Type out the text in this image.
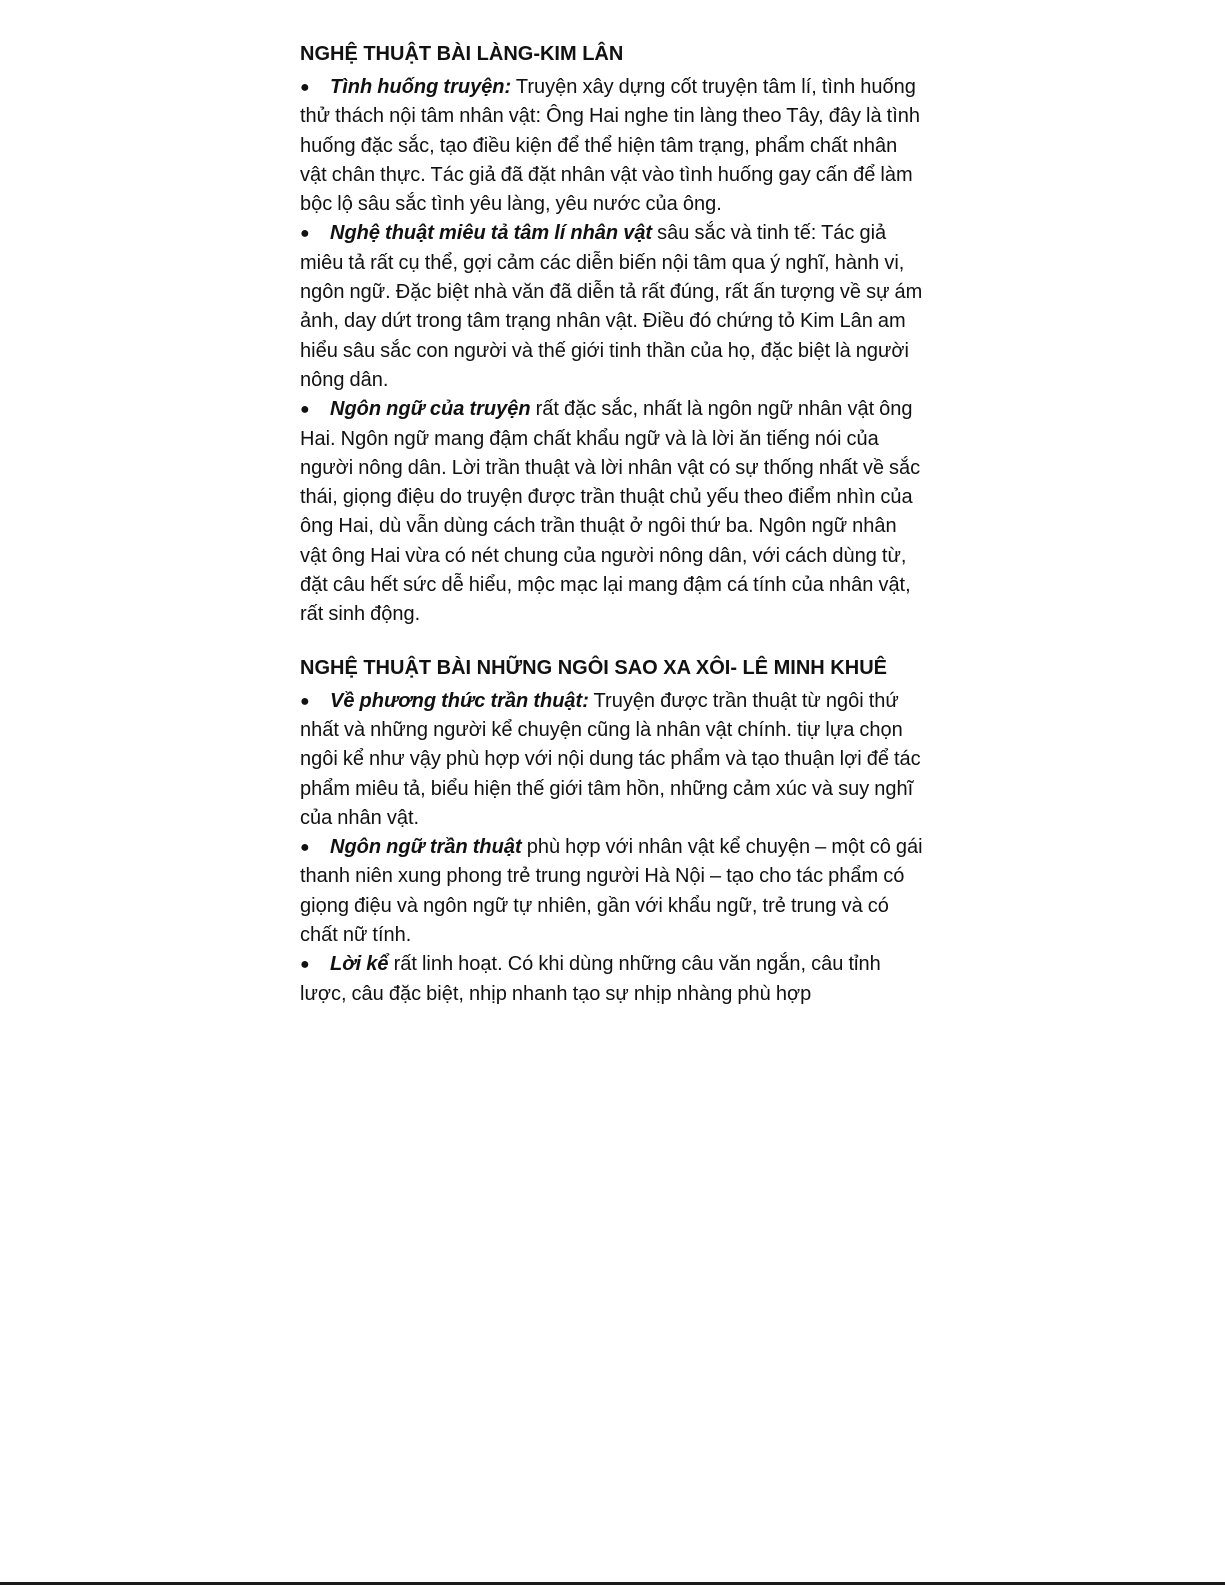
NGHỆ THUẬT BÀI LÀNG-KIM LÂN

● Tình huống truyện: Truyện xây dựng cốt truyện tâm lí, tình huống thử thách nội tâm nhân vật: Ông Hai nghe tin làng theo Tây, đây là tình huống đặc sắc, tạo điều kiện để thể hiện tâm trạng, phẩm chất nhân vật chân thực. Tác giả đã đặt nhân vật vào tình huống gay cấn để làm bộc lộ sâu sắc tình yêu làng, yêu nước của ông.

● Nghệ thuật miêu tả tâm lí nhân vật sâu sắc và tinh tế: Tác giả miêu tả rất cụ thể, gợi cảm các diễn biến nội tâm qua ý nghĩ, hành vi, ngôn ngữ. Đặc biệt nhà văn đã diễn tả rất đúng, rất ấn tượng về sự ám ảnh, day dứt trong tâm trạng nhân vật. Điều đó chứng tỏ Kim Lân am hiểu sâu sắc con người và thế giới tinh thần của họ, đặc biệt là người nông dân.

● Ngôn ngữ của truyện rất đặc sắc, nhất là ngôn ngữ nhân vật ông Hai. Ngôn ngữ mang đậm chất khẩu ngữ và là lời ăn tiếng nói của người nông dân. Lời trần thuật và lời nhân vật có sự thống nhất về sắc thái, giọng điệu do truyện được trần thuật chủ yếu theo điểm nhìn của ông Hai, dù vẫn dùng cách trần thuật ở ngôi thứ ba. Ngôn ngữ nhân vật ông Hai vừa có nét chung của người nông dân, với cách dùng từ, đặt câu hết sức dễ hiểu, mộc mạc lại mang đậm cá tính của nhân vật, rất sinh động.

NGHỆ THUẬT BÀI NHỮNG NGÔI SAO XA XÔI- LÊ MINH KHUÊ

● Về phương thức trần thuật: Truyện được trần thuật từ ngôi thứ nhất và những người kể chuyện cũng là nhân vật chính. tiự lựa chọn ngôi kể như vậy phù hợp với nội dung tác phẩm và tạo thuận lợi để tác phẩm miêu tả, biểu hiện thế giới tâm hồn, những cảm xúc và suy nghĩ của nhân vật.

● Ngôn ngữ trần thuật phù hợp với nhân vật kể chuyện – một cô gái thanh niên xung phong trẻ trung người Hà Nội – tạo cho tác phẩm có giọng điệu và ngôn ngữ tự nhiên, gần với khẩu ngữ, trẻ trung và có chất nữ tính.

● Lời kể rất linh hoạt. Có khi dùng những câu văn ngắn, câu tỉnh lược, câu đặc biệt, nhịp nhanh tạo sự nhịp nhàng phù hợp
